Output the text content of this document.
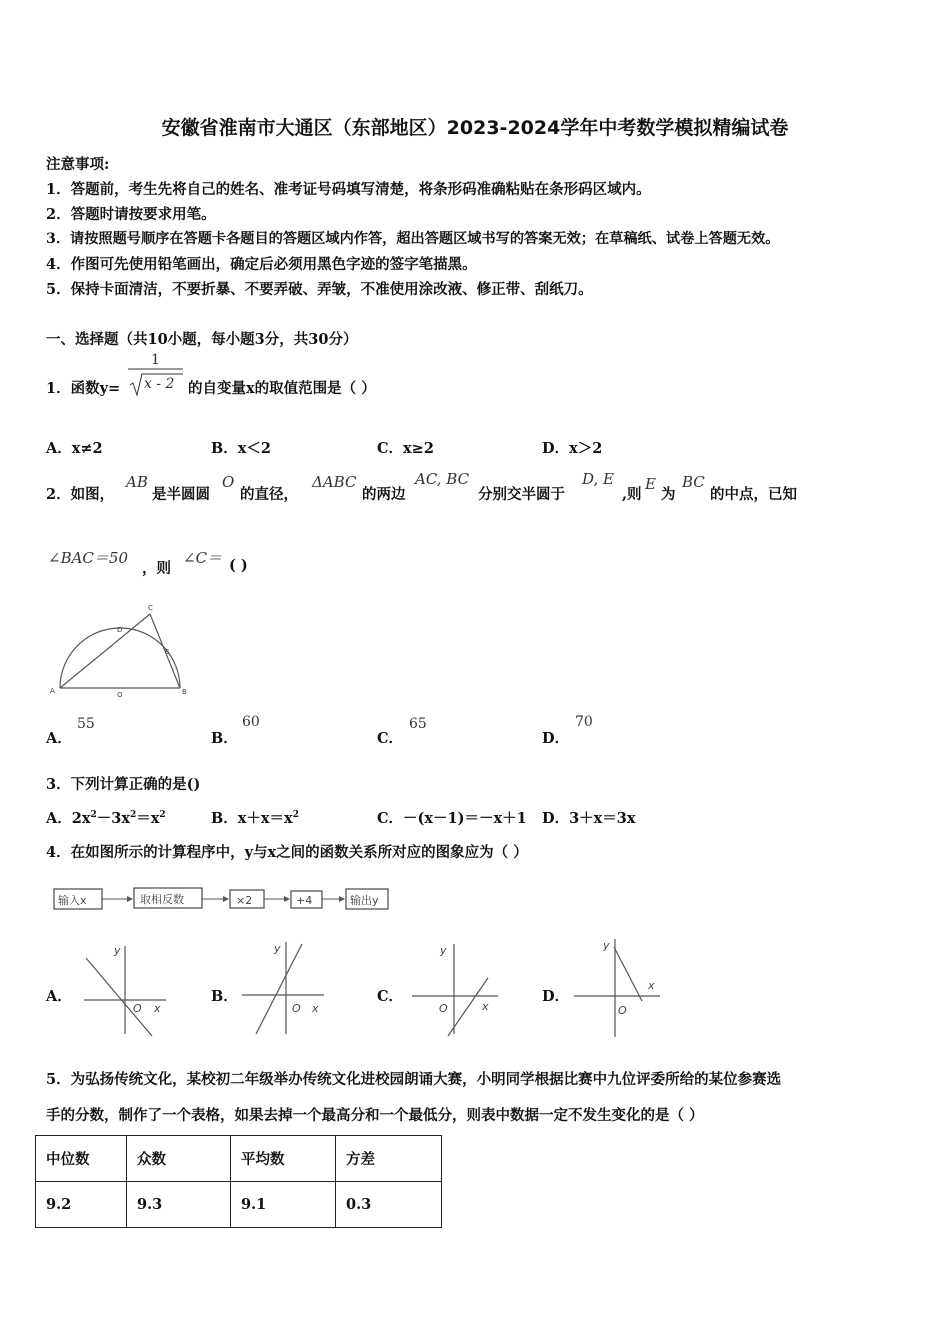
安徽省淮南市大通区（东部地区）2023-2024学年中考数学模拟精编试卷
注意事项:
1．答题前，考生先将自己的姓名、准考证号码填写清楚，将条形码准确粘贴在条形码区域内。
2．答题时请按要求用笔。
3．请按照题号顺序在答题卡各题目的答题区域内作答，超出答题区域书写的答案无效；在草稿纸、试卷上答题无效。
4．作图可先使用铅笔画出，确定后必须用黑色字迹的签字笔描黑。
5．保持卡面清洁，不要折暴、不要弄破、弄皱，不准使用涂改液、修正带、刮纸刀。
一、选择题（共10小题，每小题3分，共30分）
1．函数y=
1
x - 2 的自变量x的取值范围是（ ）
A．x≠2	B．x＜2	C．x≥2	D．x＞2
2．如图，
AB
是半圆圆
O
的直径，
ΔABC
的两边
AC, BC
分别交半圆于
D, E
,则
E
为
BC
的中点，已知
∠BAC＝50
，则
∠C＝ ( )
A	B
C
D
E
O
A．
55
B．
60
C．
65
D．
70
3．下列计算正确的是()
A．$2x^2-3x^2=x^2$	B．$x+x=x^2$	C．－(x－1)＝－x＋1 D．3＋x＝3x
4．在如图所示的计算程序中，y与x之间的函数关系所对应的图象应为（ ）
输入x	取相反数	×2	+4	输出y
A．
y
O x
B．
y
O x
C．
y
O	x
D．
y
O
x
5．为弘扬传统文化，某校初二年级举办传统文化进校园朗诵大赛，小明同学根据比赛中九位评委所给的某位参赛选
手的分数，制作了一个表格，如果去掉一个最高分和一个最低分，则表中数据一定不发生变化的是（ ）
中位数	众数	平均数	方差
9.2	9.3	9.1	0.3
